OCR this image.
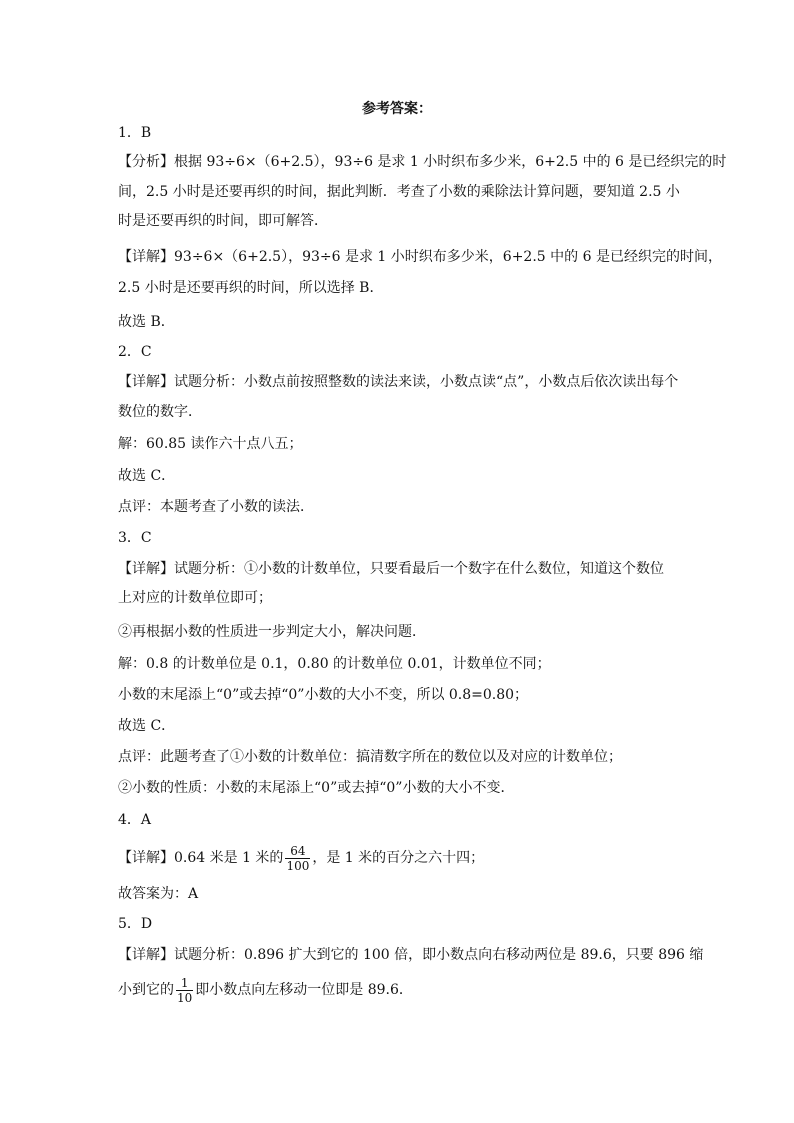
参考答案：
1．B
【分析】根据 93÷6×（6+2.5），93÷6 是求 1 小时织布多少米，6+2.5 中的 6 是已经织完的时
间，2.5 小时是还要再织的时间，据此判断．考查了小数的乘除法计算问题，要知道 2.5 小
时是还要再织的时间，即可解答．
【详解】93÷6×（6+2.5），93÷6 是求 1 小时织布多少米，6+2.5 中的 6 是已经织完的时间，
2.5 小时是还要再织的时间，所以选择 B．
故选 B．
2．C
【详解】试题分析：小数点前按照整数的读法来读，小数点读“点”，小数点后依次读出每个
数位的数字．
解：60.85 读作六十点八五；
故选 C．
点评：本题考查了小数的读法．
3．C
【详解】试题分析：①小数的计数单位，只要看最后一个数字在什么数位，知道这个数位
上对应的计数单位即可；
②再根据小数的性质进一步判定大小，解决问题．
解：0.8 的计数单位是 0.1，0.80 的计数单位 0.01，计数单位不同；
小数的末尾添上“0”或去掉“0”小数的大小不变，所以 0.8=0.80；
故选 C．
点评：此题考查了①小数的计数单位：搞清数字所在的数位以及对应的计数单位；
②小数的性质：小数的末尾添上“0”或去掉“0”小数的大小不变．
4．A
【详解】0.64 米是 1 米的 $\frac{64}{100}$ ，是 1 米的百分之六十四；
故答案为：A
5．D
【详解】试题分析：0.896 扩大到它的 100 倍，即小数点向右移动两位是 89.6，只要 896 缩
小到它的 $\frac{1}{10}$ 即小数点向左移动一位即是 89.6．
